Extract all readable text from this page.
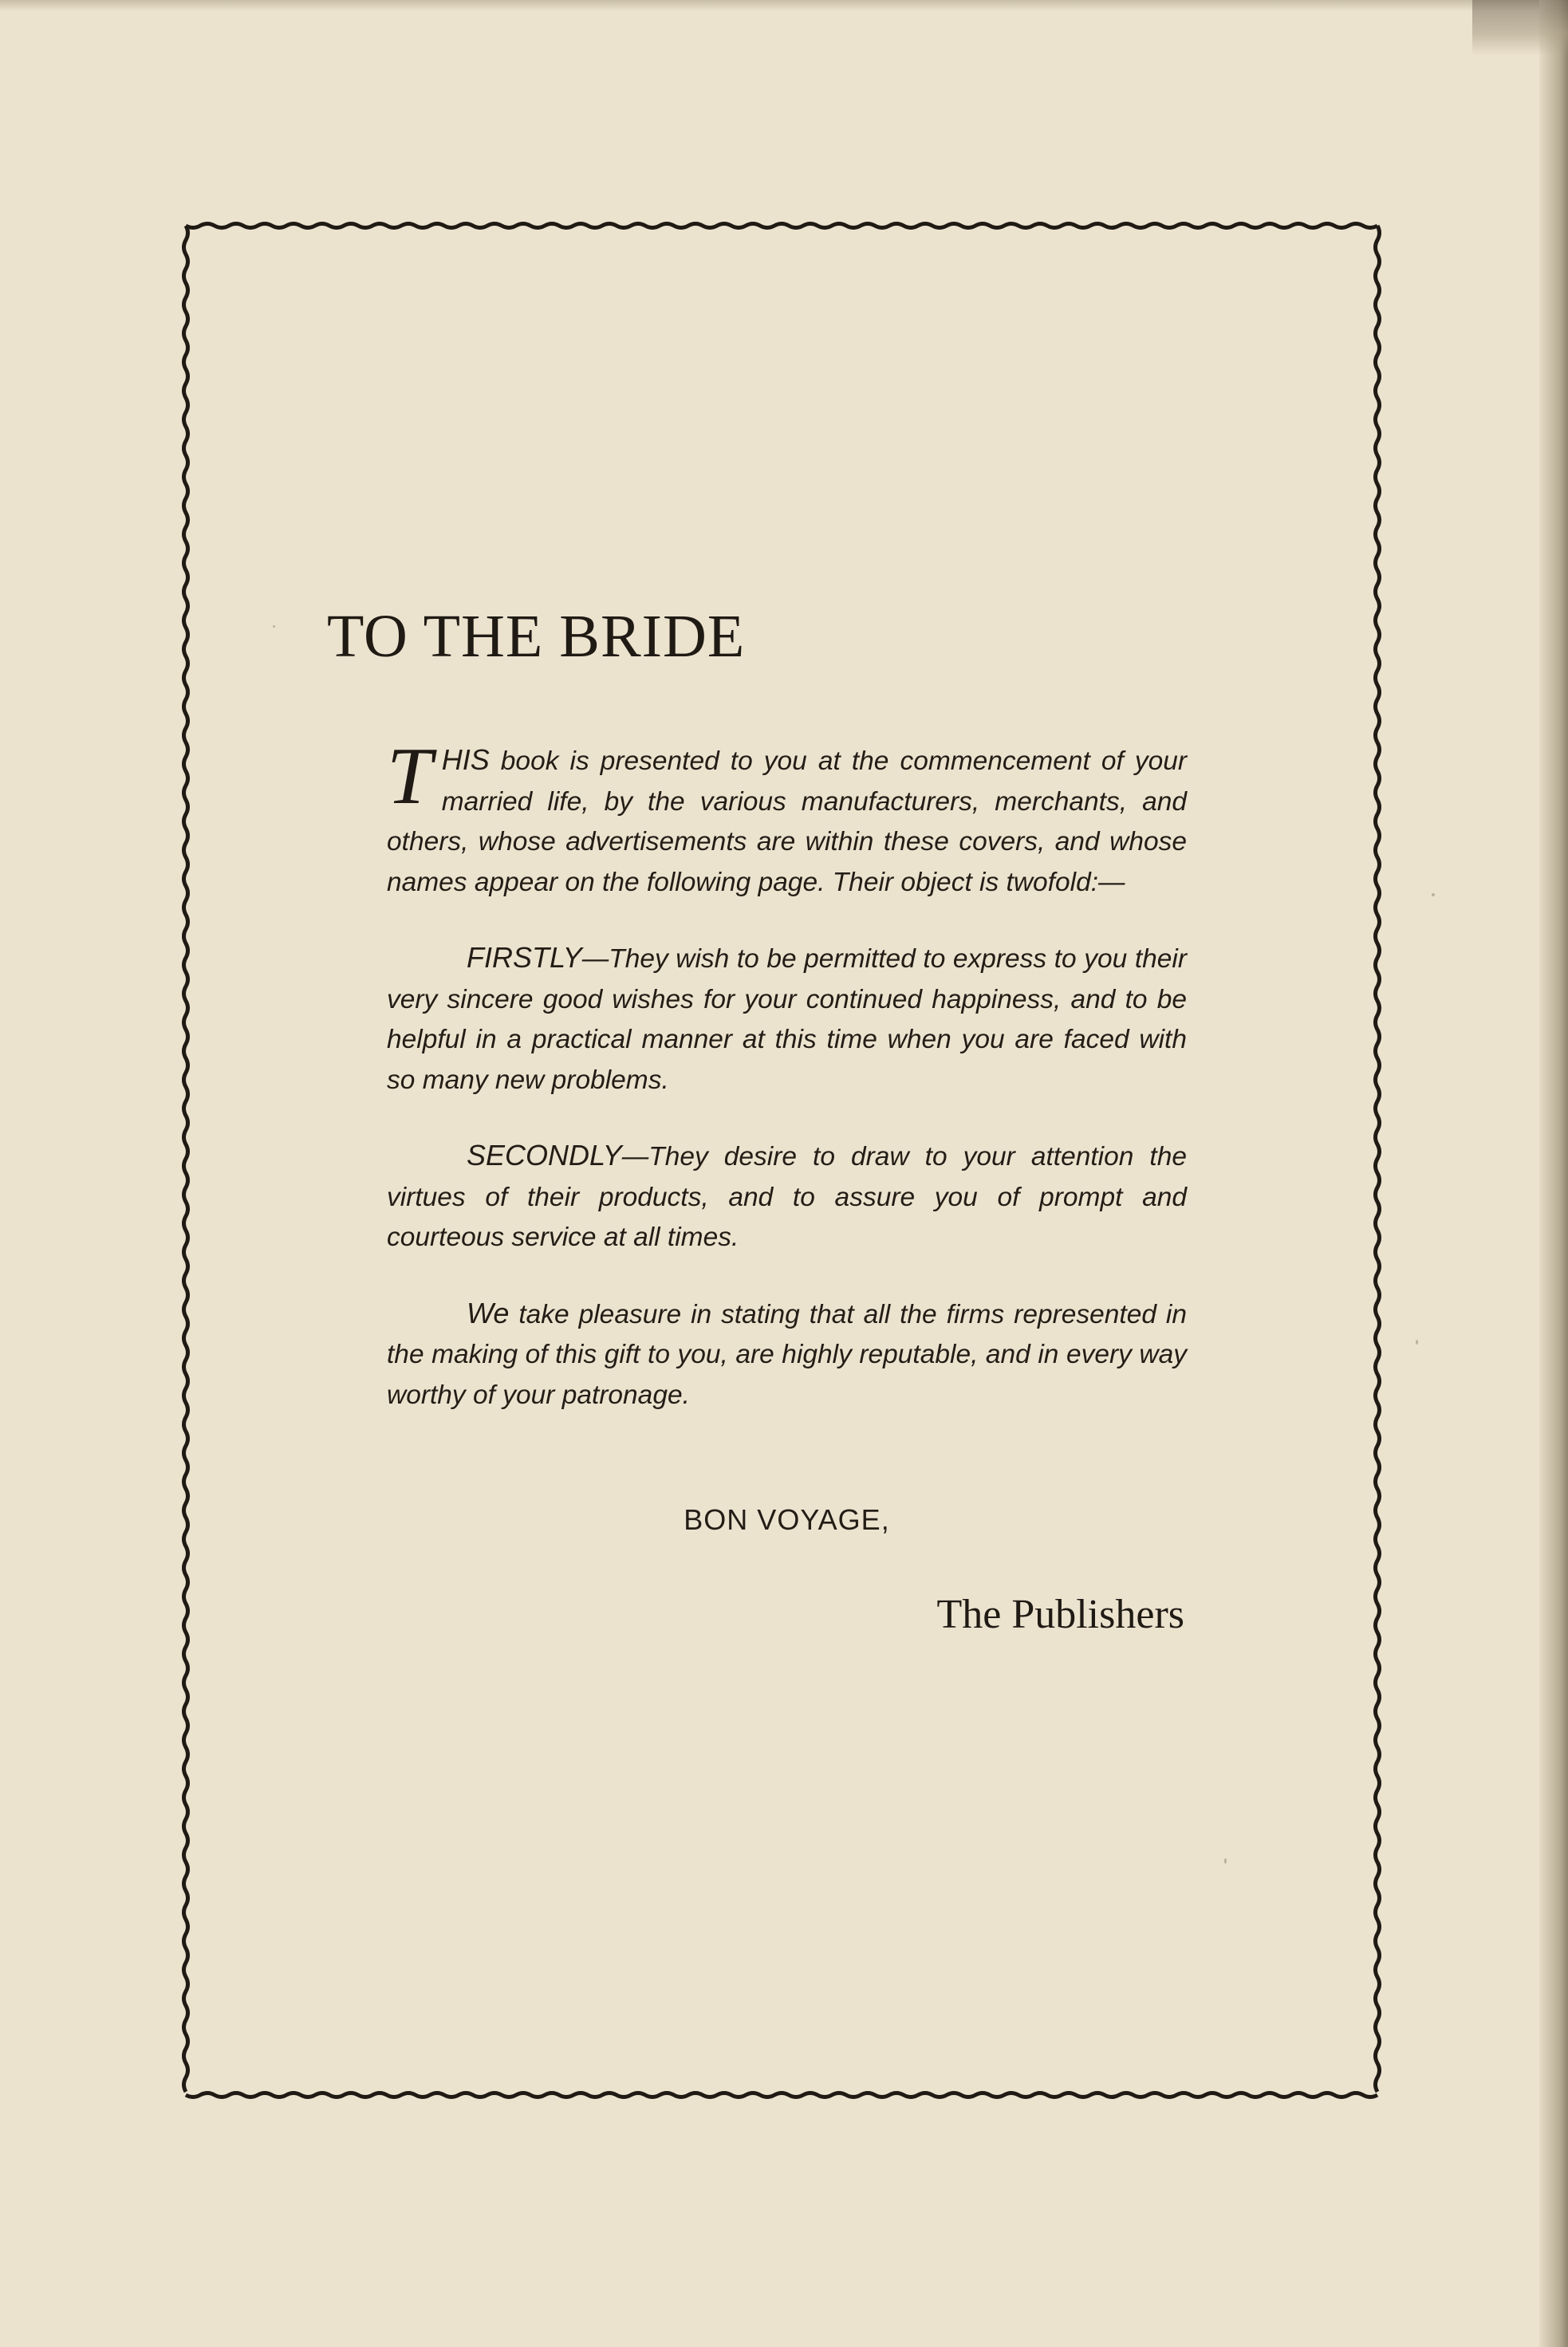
TO THE BRIDE

THIS book is presented to you at the commencement of your married life, by the various manufacturers, merchants, and others, whose advertisements are within these covers, and whose names appear on the following page. Their object is twofold:—

FIRSTLY—They wish to be permitted to express to you their very sincere good wishes for your continued happiness, and to be helpful in a practical manner at this time when you are faced with so many new problems.

SECONDLY—They desire to draw to your attention the virtues of their products, and to assure you of prompt and courteous service at all times.

We take pleasure in stating that all the firms represented in the making of this gift to you, are highly reputable, and in every way worthy of your patronage.

BON VOYAGE,
The Publishers
